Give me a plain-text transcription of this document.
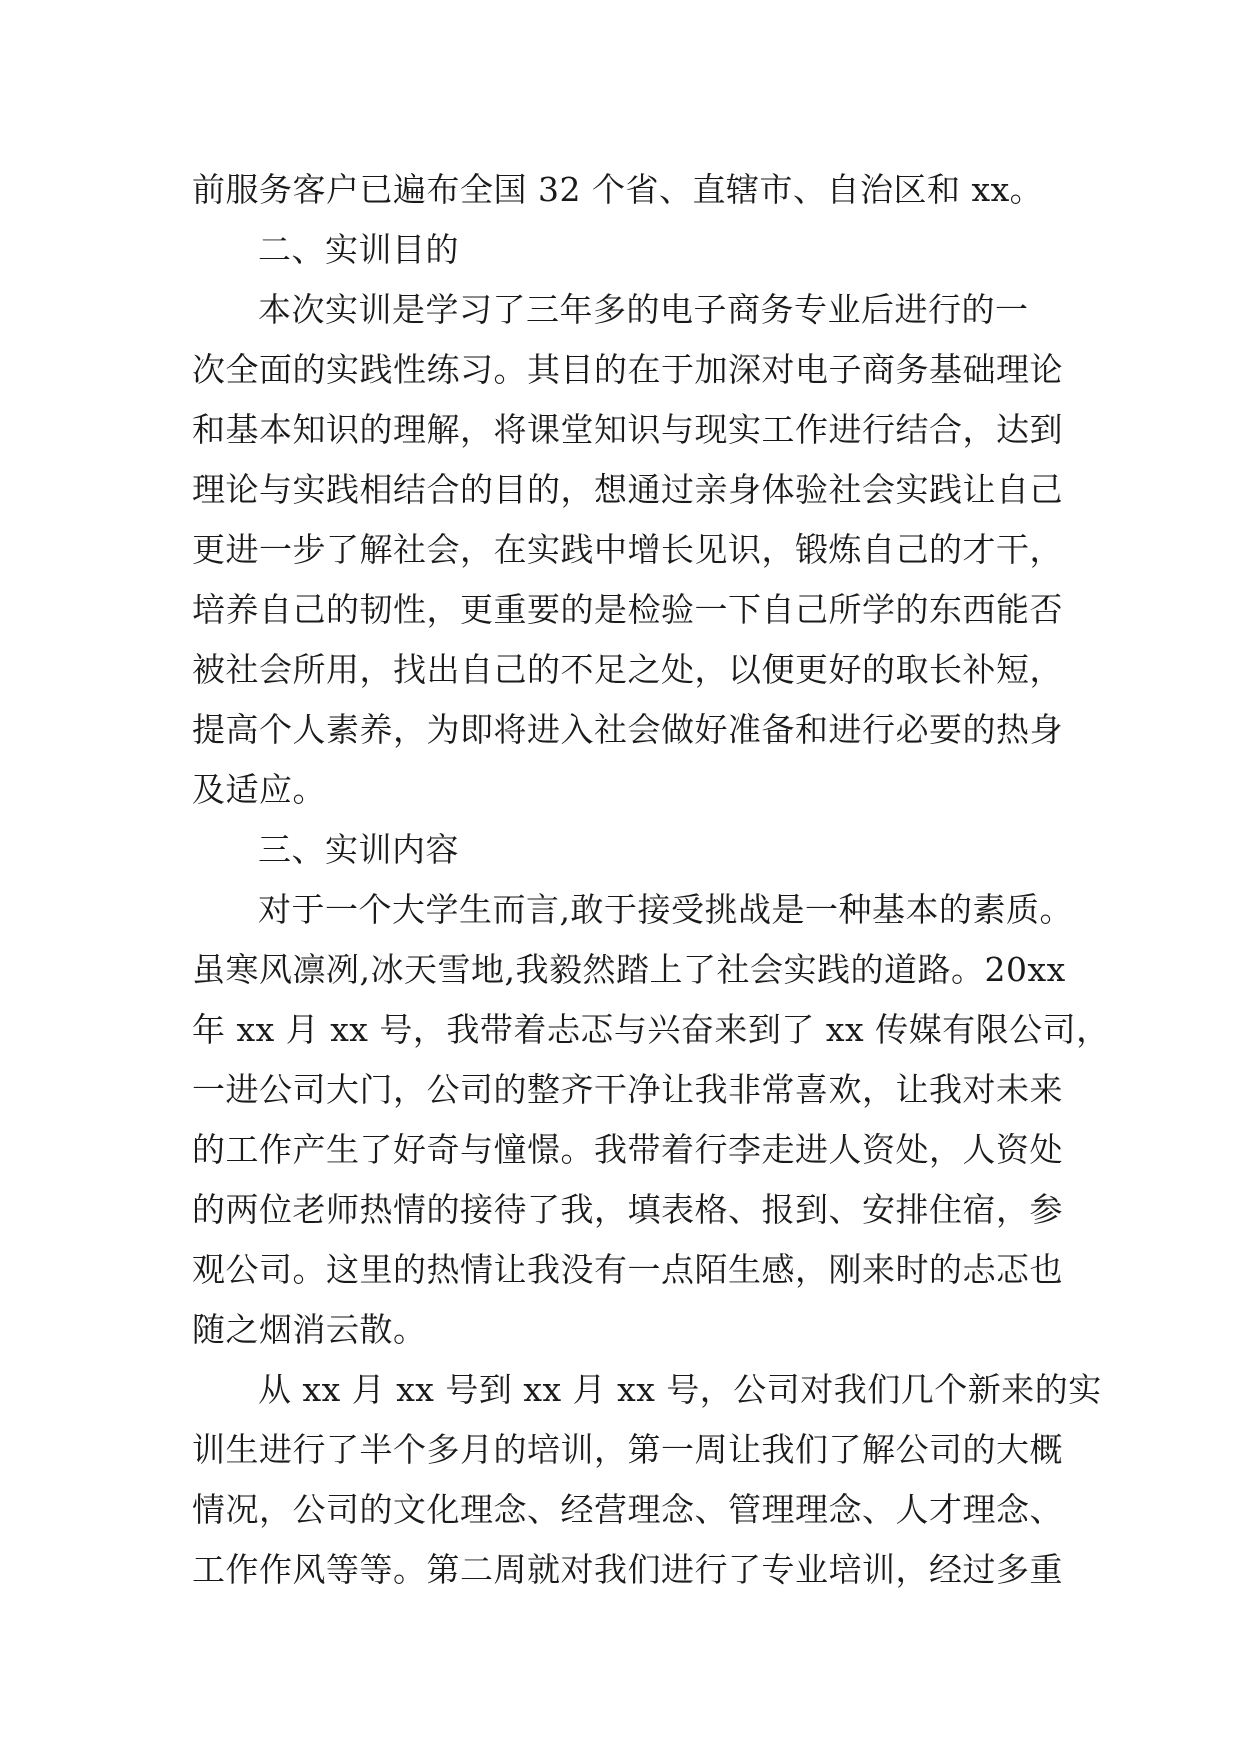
前服务客户已遍布全国 32 个省、直辖市、自治区和 xx。
二、实训目的
本次实训是学习了三年多的电子商务专业后进行的一
次全面的实践性练习。其目的在于加深对电子商务基础理论
和基本知识的理解，将课堂知识与现实工作进行结合，达到
理论与实践相结合的目的，想通过亲身体验社会实践让自己
更进一步了解社会，在实践中增长见识，锻炼自己的才干，
培养自己的韧性，更重要的是检验一下自己所学的东西能否
被社会所用，找出自己的不足之处，以便更好的取长补短，
提高个人素养，为即将进入社会做好准备和进行必要的热身
及适应。
三、实训内容
对于一个大学生而言,敢于接受挑战是一种基本的素质。
虽寒风凛冽,冰天雪地,我毅然踏上了社会实践的道路。20xx
年 xx 月 xx 号，我带着忐忑与兴奋来到了 xx 传媒有限公司，
一进公司大门，公司的整齐干净让我非常喜欢，让我对未来
的工作产生了好奇与憧憬。我带着行李走进人资处，人资处
的两位老师热情的接待了我，填表格、报到、安排住宿，参
观公司。这里的热情让我没有一点陌生感，刚来时的忐忑也
随之烟消云散。
从 xx 月 xx 号到 xx 月 xx 号，公司对我们几个新来的实
训生进行了半个多月的培训，第一周让我们了解公司的大概
情况，公司的文化理念、经营理念、管理理念、人才理念、
工作作风等等。第二周就对我们进行了专业培训，经过多重
